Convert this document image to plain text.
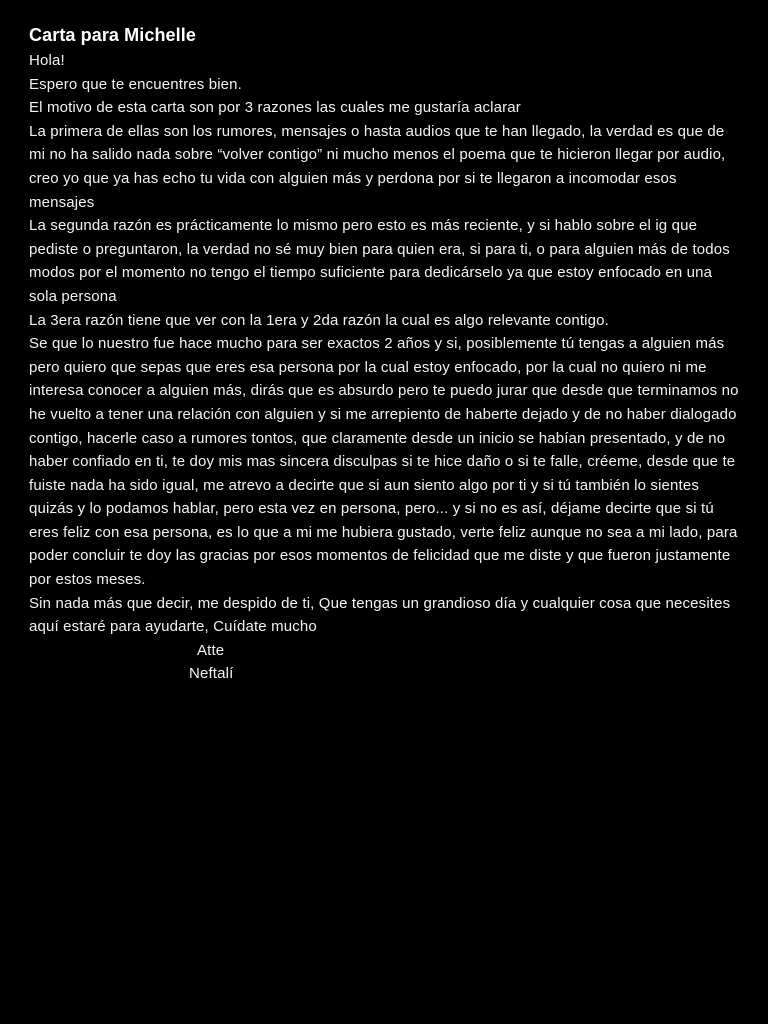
Carta para Michelle

Hola!

Espero que te encuentres bien.

El motivo de esta carta son por 3 razones las cuales me gustaría aclarar

La primera de ellas son los rumores, mensajes o hasta audios que te han llegado, la verdad es que de mi no ha salido nada sobre “volver contigo” ni mucho menos el poema que te hicieron llegar por audio, creo yo que ya has echo tu vida con alguien más y perdona por si te llegaron a incomodar esos mensajes

La segunda razón es prácticamente lo mismo pero esto es más reciente, y si hablo sobre el ig que pediste o preguntaron, la verdad no sé muy bien para quien era, si para ti, o para alguien más de todos modos por el momento no tengo el tiempo suficiente para dedicárselo ya que estoy enfocado en una sola persona

La 3era razón tiene que ver con la 1era y 2da razón la cual es algo relevante contigo.

Se que lo nuestro fue hace mucho para ser exactos 2 años y si, posiblemente tú tengas a alguien más pero quiero que sepas que eres esa persona por la cual estoy enfocado, por la cual no quiero ni me interesa conocer a alguien más, dirás que es absurdo pero te puedo jurar que desde que terminamos no he vuelto a tener una relación con alguien y si me arrepiento de haberte dejado y de no haber dialogado contigo, hacerle caso a rumores tontos, que claramente desde un inicio se habían presentado, y de no haber confiado en ti, te doy mis mas sincera disculpas si te hice daño o si te falle, créeme, desde que te fuiste nada ha sido igual, me atrevo a decirte que si aun siento algo por ti y si tú también lo sientes quizás y lo podamos hablar, pero esta vez en persona, pero... y si no es así, déjame decirte que si tú eres feliz con esa persona, es lo que a mi me hubiera gustado, verte feliz aunque no sea a mi lado, para poder concluir te doy las gracias por esos momentos de felicidad que me diste y que fueron justamente por estos meses.

Sin nada más que decir, me despido de ti, Que tengas un grandioso día y cualquier cosa que necesites aquí estaré para ayudarte, Cuídate mucho

Atte

Neftalí
